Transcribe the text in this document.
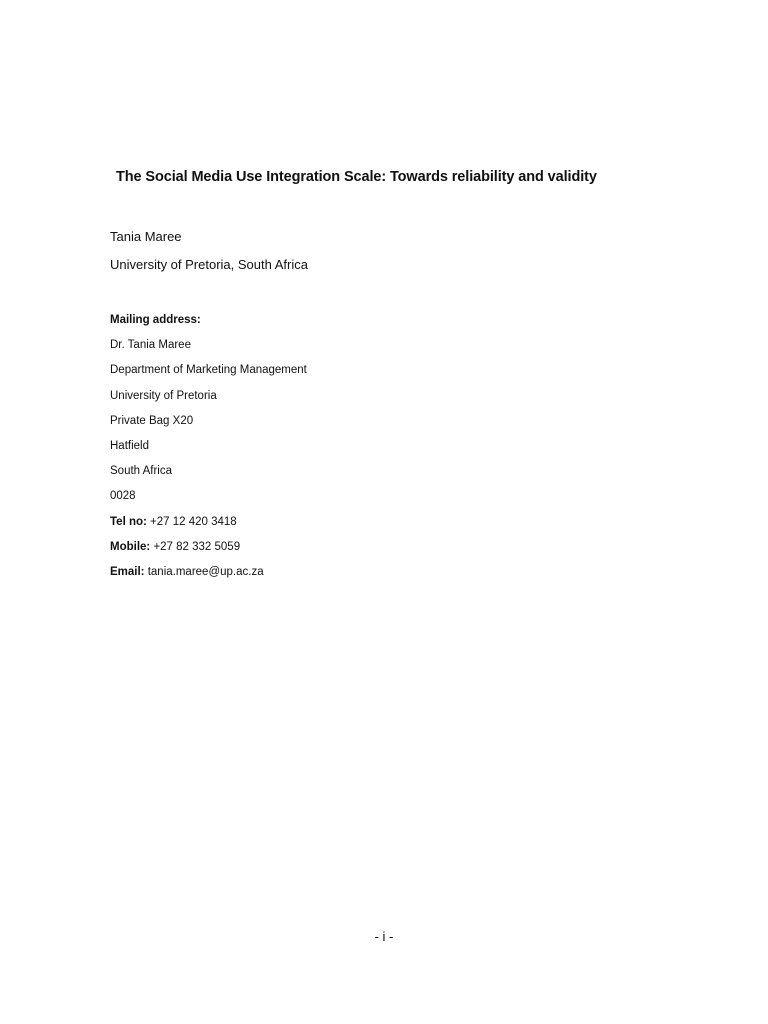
The Social Media Use Integration Scale: Towards reliability and validity
Tania Maree
University of Pretoria, South Africa
Mailing address:
Dr. Tania Maree
Department of Marketing Management
University of Pretoria
Private Bag X20
Hatfield
South Africa
0028
Tel no: +27 12 420 3418
Mobile: +27 82 332 5059
Email: tania.maree@up.ac.za
- i -
